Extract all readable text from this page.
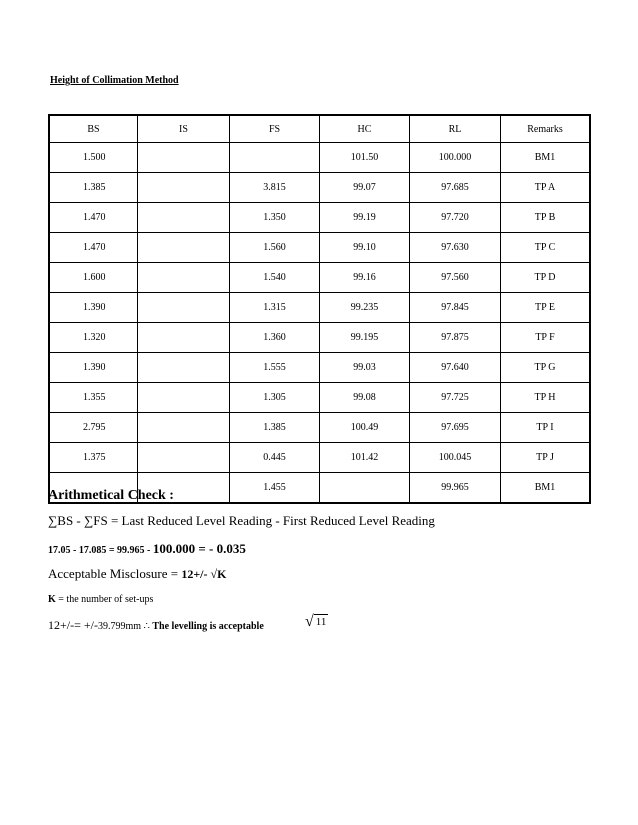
Height of Collimation Method
BS	IS	FS	HC	RL	Remarks
1.500			101.50	100.000	BM1
1.385		3.815	99.07	97.685	TP A
1.470		1.350	99.19	97.720	TP B
1.470		1.560	99.10	97.630	TP C
1.600		1.540	99.16	97.560	TP D
1.390		1.315	99.235	97.845	TP E
1.320		1.360	99.195	97.875	TP F
1.390		1.555	99.03	97.640	TP G
1.355		1.305	99.08	97.725	TP H
2.795		1.385	100.49	97.695	TP I
1.375		0.445	101.42	100.045	TP J
		1.455		99.965	BM1
Arithmetical Check :
∑BS - ∑FS = Last Reduced Level Reading - First Reduced Level Reading
17.05 - 17.085 = 99.965 - 100.000 = - 0.035
Acceptable Misclosure = 12+/- √K
K = the number of set-ups
12+/-= +/-39.799mm ∴ The levelling is acceptable	√ 11
